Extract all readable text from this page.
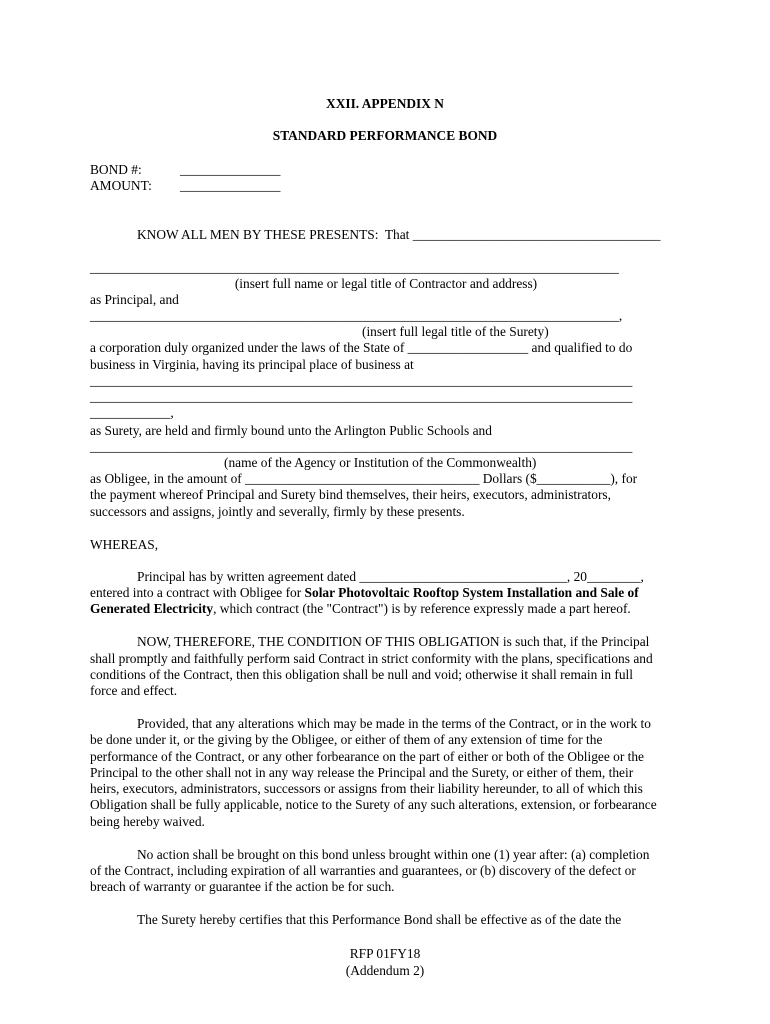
XXII. APPENDIX N
STANDARD PERFORMANCE BOND
BOND #:	_______________
AMOUNT: _______________
KNOW ALL MEN BY THESE PRESENTS:  That _____________________________________
_______________________________________________________________________________
(insert full name or legal title of Contractor and address)
as Principal, and
_______________________________________________________________________________,
(insert full legal title of the Surety)
a corporation duly organized under the laws of the State of __________________ and qualified to do
business in Virginia, having its principal place of business at
_________________________________________________________________________________
_________________________________________________________________________________
____________,
as Surety, are held and firmly bound unto the Arlington Public Schools and
_________________________________________________________________________________
(name of the Agency or Institution of the Commonwealth)
as Obligee, in the amount of ___________________________________ Dollars ($___________), for
the payment whereof Principal and Surety bind themselves, their heirs, executors, administrators,
successors and assigns, jointly and severally, firmly by these presents.
WHEREAS,
Principal has by written agreement dated _______________________________, 20________,
entered into a contract with Obligee for Solar Photovoltaic Rooftop System Installation and Sale of
Generated Electricity, which contract (the "Contract") is by reference expressly made a part hereof.
NOW, THEREFORE, THE CONDITION OF THIS OBLIGATION is such that, if the Principal
shall promptly and faithfully perform said Contract in strict conformity with the plans, specifications and
conditions of the Contract, then this obligation shall be null and void; otherwise it shall remain in full
force and effect.
Provided, that any alterations which may be made in the terms of the Contract, or in the work to
be done under it, or the giving by the Obligee, or either of them of any extension of time for the
performance of the Contract, or any other forbearance on the part of either or both of the Obligee or the
Principal to the other shall not in any way release the Principal and the Surety, or either of them, their
heirs, executors, administrators, successors or assigns from their liability hereunder, to all of which this
Obligation shall be fully applicable, notice to the Surety of any such alterations, extension, or forbearance
being hereby waived.
No action shall be brought on this bond unless brought within one (1) year after: (a) completion
of the Contract, including expiration of all warranties and guarantees, or (b) discovery of the defect or
breach of warranty or guarantee if the action be for such.
The Surety hereby certifies that this Performance Bond shall be effective as of the date the
RFP 01FY18
(Addendum 2)
